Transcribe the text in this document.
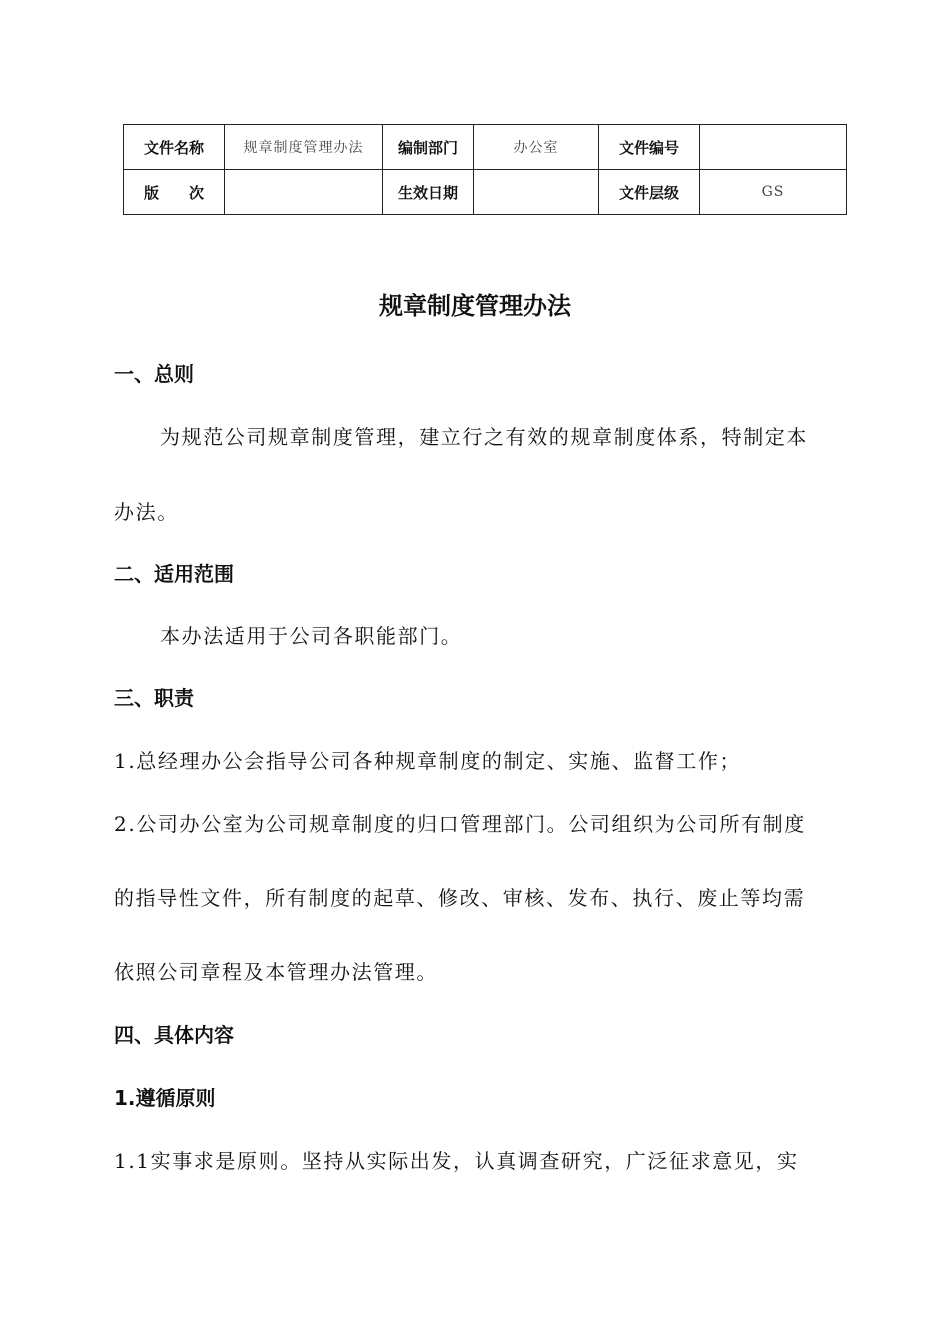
文件名称	规章制度管理办法	编制部门	办公室	文件编号	
版　　次		生效日期		文件层级	GS
规章制度管理办法
一、总则
为规范公司规章制度管理，建立行之有效的规章制度体系，特制定本
办法。
二、适用范围
本办法适用于公司各职能部门。
三、职责
1.总经理办公会指导公司各种规章制度的制定、实施、监督工作；
2.公司办公室为公司规章制度的归口管理部门。公司组织为公司所有制度
的指导性文件，所有制度的起草、修改、审核、发布、执行、废止等均需
依照公司章程及本管理办法管理。
四、具体内容
1.遵循原则
1.1实事求是原则。坚持从实际出发，认真调查研究，广泛征求意见，实
